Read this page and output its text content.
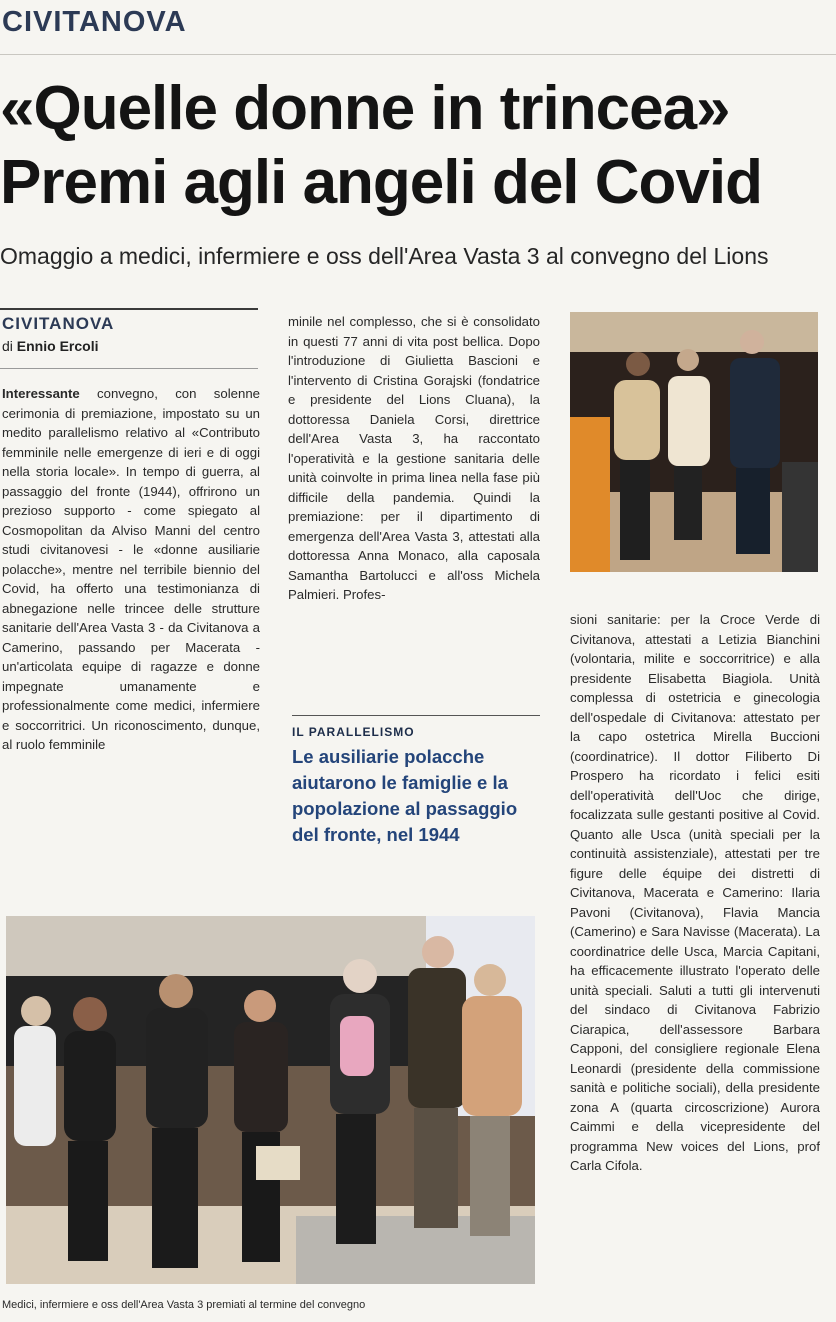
CIVITANOVA
«Quelle donne in trincea»
Premi agli angeli del Covid
Omaggio a medici, infermiere e oss dell'Area Vasta 3 al convegno del Lions
CIVITANOVA
di Ennio Ercoli
Interessante convegno, con solenne cerimonia di premiazione, impostato su un medito parallelismo relativo al «Contributo femminile nelle emergenze di ieri e di oggi nella storia locale». In tempo di guerra, al passaggio del fronte (1944), offrirono un prezioso supporto - come spiegato al Cosmopolitan da Alviso Manni del centro studi civitanovesi - le «donne ausiliarie polacche», mentre nel terribile biennio del Covid, ha offerto una testimonianza di abnegazione nelle trincee delle strutture sanitarie dell'Area Vasta 3 - da Civitanova a Camerino, passando per Macerata - un'articolata equipe di ragazze e donne impegnate umanamente e professionalmente come medici, infermiere e soccorritrici. Un riconoscimento, dunque, al ruolo femminile
minile nel complesso, che si è consolidato in questi 77 anni di vita post bellica. Dopo l'introduzione di Giulietta Bascioni e l'intervento di Cristina Gorajski (fondatrice e presidente del Lions Cluana), la dottoressa Daniela Corsi, direttrice dell'Area Vasta 3, ha raccontato l'operatività e la gestione sanitaria delle unità coinvolte in prima linea nella fase più difficile della pandemia. Quindi la premiazione: per il dipartimento di emergenza dell'Area Vasta 3, attestati alla dottoressa Anna Monaco, alla caposala Samantha Bartolucci e all'oss Michela Palmieri. Profes-
IL PARALLELISMO
Le ausiliarie polacche aiutarono le famiglie e la popolazione al passaggio del fronte, nel 1944
sioni sanitarie: per la Croce Verde di Civitanova, attestati a Letizia Bianchini (volontaria, milite e soccorritrice) e alla presidente Elisabetta Biagiola. Unità complessa di ostetricia e ginecologia dell'ospedale di Civitanova: attestato per la capo ostetrica Mirella Buccioni (coordinatrice). Il dottor Filiberto Di Prospero ha ricordato i felici esiti dell'operatività dell'Uoc che dirige, focalizzata sulle gestanti positive al Covid. Quanto alle Usca (unità speciali per la continuità assistenziale), attestati per tre figure delle équipe dei distretti di Civitanova, Macerata e Camerino: Ilaria Pavoni (Civitanova), Flavia Mancia (Camerino) e Sara Navisse (Macerata). La coordinatrice delle Usca, Marcia Capitani, ha efficacemente illustrato l'operato delle unità speciali. Saluti a tutti gli intervenuti del sindaco di Civitanova Fabrizio Ciarapica, dell'assessore Barbara Capponi, del consigliere regionale Elena Leonardi (presidente della commissione sanità e politiche sociali), della presidente zona A (quarta circoscrizione) Aurora Caimmi e della vicepresidente del programma New voices del Lions, prof Carla Cifola.
Medici, infermiere e oss dell'Area Vasta 3 premiati al termine del convegno
